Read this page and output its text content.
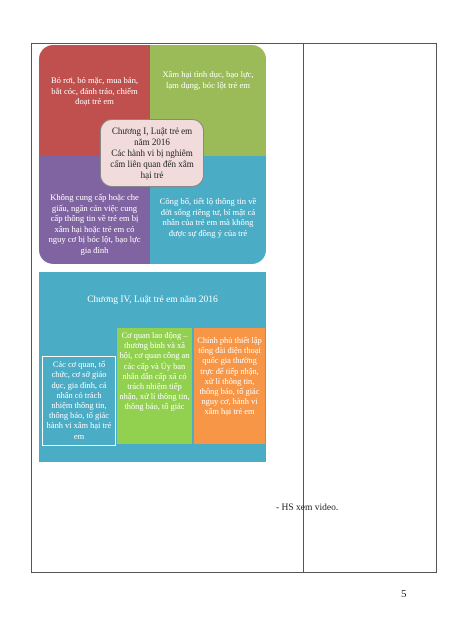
Bỏ rơi, bỏ mặc, mua bán, bắt cóc, đánh tráo, chiếm đoạt trẻ em
Xâm hại tình dục, bạo lực, lạm dụng, bóc lột trẻ em
Không cung cấp hoặc che giấu, ngăn cản việc cung cấp thông tin về trẻ em bị xâm hại hoặc trẻ em có nguy cơ bị bóc lột, bạo lực gia đình
Công bố, tiết lộ thông tin về đời sống riêng tư, bí mật cá nhân của trẻ em mà không được sự đồng ý của trẻ
Chương I, Luật trẻ em năm 2016
Các hành vi bị nghiêm cấm liên quan đến xâm hại trẻ
Chương IV, Luật trẻ em năm 2016
Các cơ quan, tổ chức, cơ sở giáo dục, gia đình, cá nhân có trách nhiệm thông tin, thông báo, tố giác hành vi xâm hại trẻ em
Cơ quan lao động – thương binh và xã hội, cơ quan công an các cấp và Ủy ban nhân dân cấp xã có trách nhiệm tiếp nhận, xử lí thông tin, thông báo, tố giác
Chính phủ thiết lập tổng đài điện thoại quốc gia thường trực để tiếp nhận, xử lí thông tin, thông báo, tố giác nguy cơ, hành vi xâm hại trẻ em
- HS xem video.
5
